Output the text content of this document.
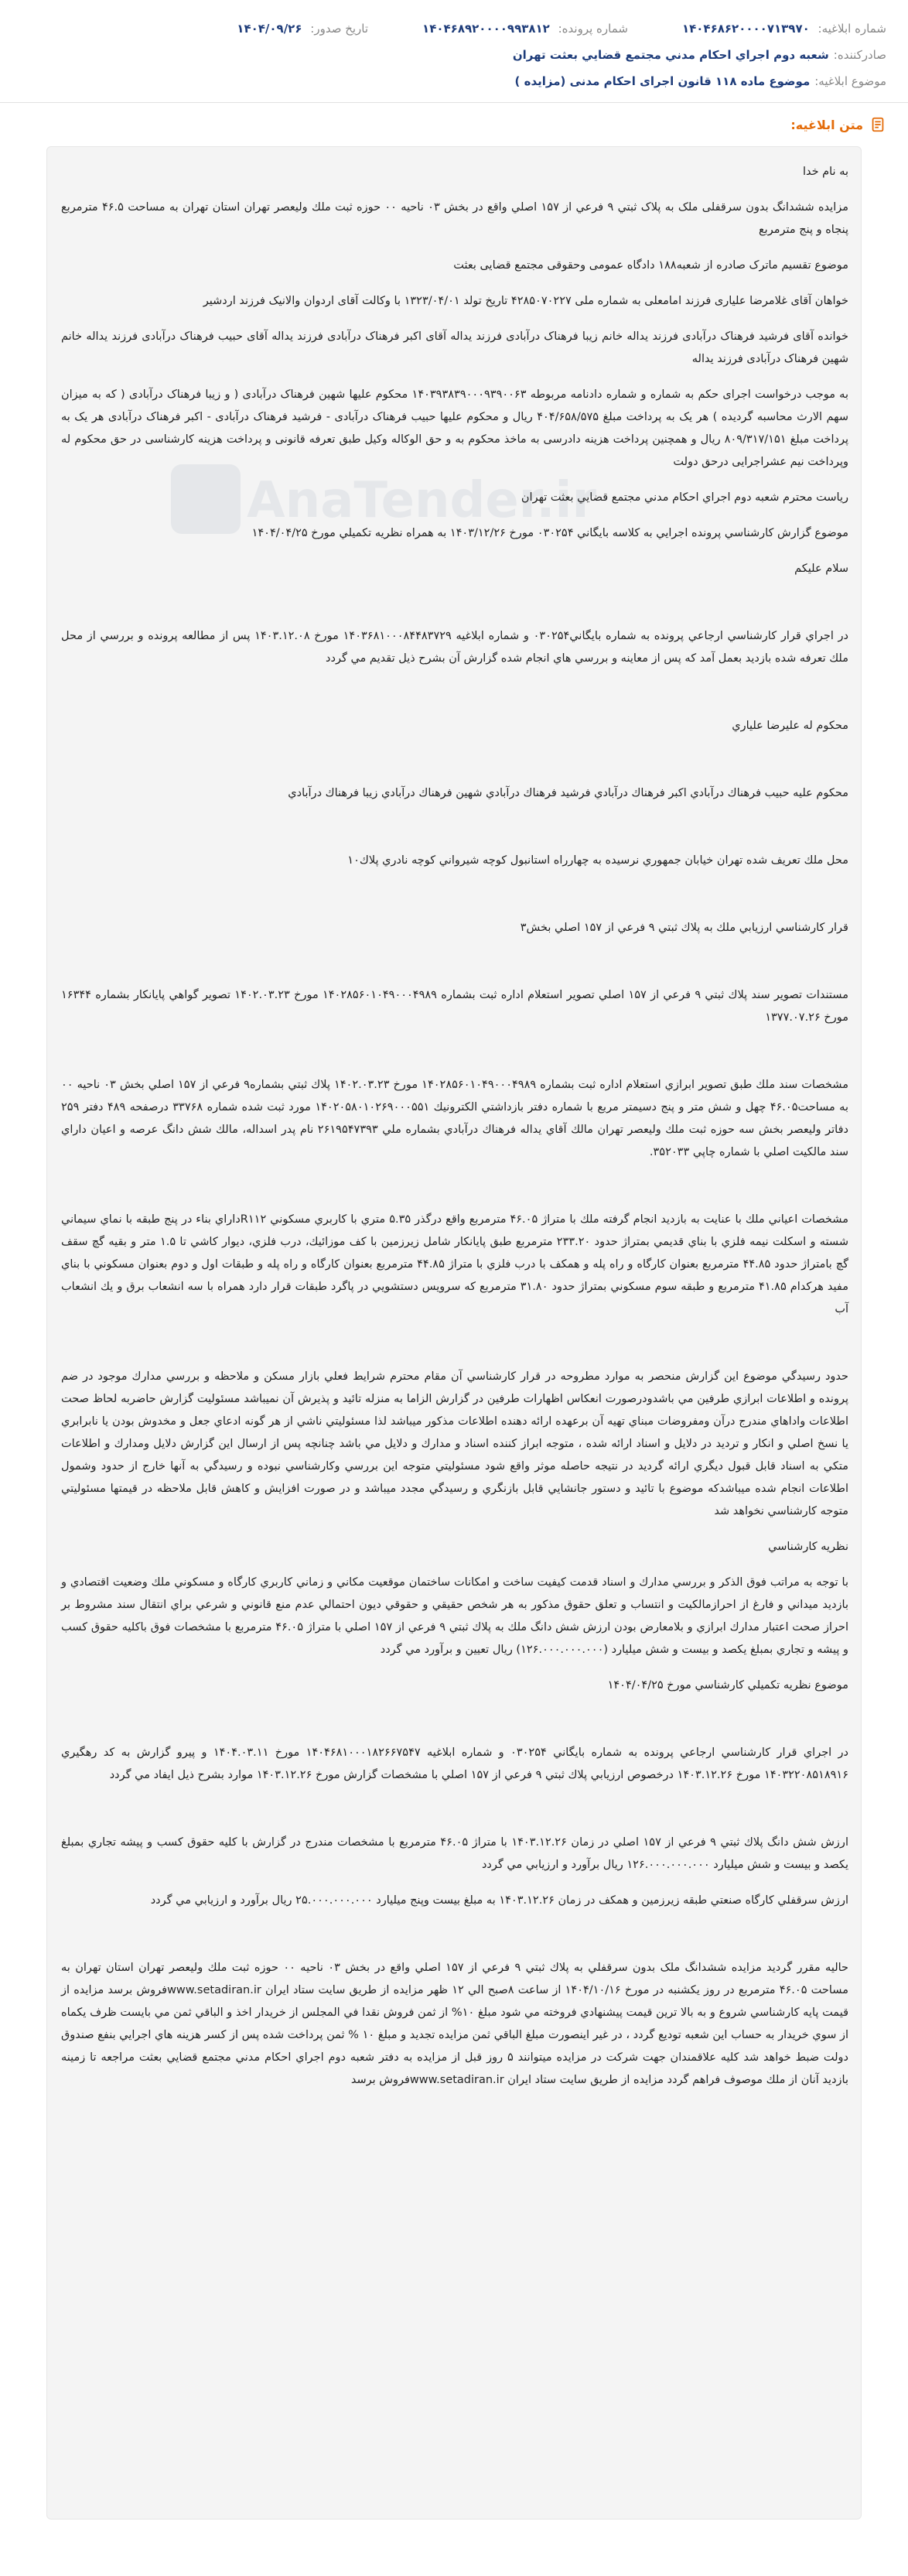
شماره ابلاغیه: ۱۴۰۴۶۸۶۲۰۰۰۰۷۱۳۹۷۰
شماره پرونده: ۱۴۰۴۶۸۹۲۰۰۰۰۹۹۳۸۱۲
تاریخ صدور: ۱۴۰۴/۰۹/۲۶
صادرکننده:
شعبه دوم اجراي احكام مدني مجتمع قضايي بعثت تهران
موضوع ابلاغیه:
موضوع ماده ۱۱۸ قانون اجرای احکام مدنی (مزایده )
متن ابلاغیه:
AnaTender.ir

به نام خدا

مزايده ششدانگ بدون سرقفلی ملک به پلاک ثبتي ۹ فرعي از ۱۵۷ اصلي واقع در بخش ۰۳ ناحيه ۰۰ حوزه ثبت ملك وليعصر تهران استان تهران به مساحت ۴۶.۵ مترمربع پنجاه و پنج مترمربع

موضوع تقسیم ماترک صادره از شعبه۱۸۸ دادگاه عمومی وحقوقی مجتمع قضایی بعثت

خواهان آقای غلامرضا علیاری فرزند امامعلی به شماره ملی ۴۲۸۵۰۷۰۲۲۷ تاریخ تولد ۱۳۲۳/۰۴/۰۱ با وکالت آقای اردوان والانیک فرزند اردشیر

خوانده آقای فرشید فرهناک درآبادی فرزند یداله خانم زیبا فرهناک درآبادی فرزند یداله آقای اکبر فرهناک درآبادی فرزند یداله آقای حبیب فرهناک درآبادی فرزند یداله خانم شهین فرهناک درآبادی فرزند یداله

به موجب درخواست اجرای حکم به شماره و شماره دادنامه مربوطه ۱۴۰۳۹۳۸۳۹۰۰۰۹۳۹۰۰۶۳ محکوم علیها شهین فرهناک درآبادی ( و زیبا فرهناک درآبادی ( که به میزان سهم الارث محاسبه گردیده ) هر یک به پرداخت مبلغ ۴۰۴/۶۵۸/۵۷۵ ریال و محکوم علیها حبیب فرهناک درآبادی - فرشید فرهناک درآبادی - اکبر فرهناک درآبادی هر یک به پرداخت مبلغ ۸۰۹/۳۱۷/۱۵۱ ریال و همچنین پرداخت هزینه دادرسی به ماخذ محکوم به و حق الوکاله وکیل طبق تعرفه قانونی و پرداخت هزینه کارشناسی در حق محکوم له وپرداخت نیم عشراجرایی درحق دولت

رياست محترم شعبه دوم اجراي احكام مدني مجتمع قضايي بعثت تهران

موضوع گزارش كارشناسي پرونده اجرايي به كلاسه بايگاني ۰۳۰۲۵۴ مورخ ۱۴۰۳/۱۲/۲۶ به همراه نظريه تكميلي مورخ ۱۴۰۴/۰۴/۲۵

سلام عليكم

در اجراي قرار كارشناسي ارجاعي پرونده به شماره بايگاني۰۳۰۲۵۴ و شماره ابلاغيه ۱۴۰۳۶۸۱۰۰۰۸۴۴۸۳۷۲۹ مورخ ۱۴۰۳.۱۲.۰۸ پس از مطالعه پرونده و بررسي از محل ملك تعرفه شده بازديد بعمل آمد كه پس از معاينه و بررسي هاي انجام شده گزارش آن بشرح ذيل تقديم مي گردد

محكوم له عليرضا علياري

محكوم عليه حبيب فرهناك درآبادي اكبر فرهناك درآبادي فرشيد فرهناك درآبادي شهين فرهناك درآبادي زيبا فرهناك درآبادي

محل ملك تعريف شده تهران خيابان جمهوري نرسيده به چهارراه استانبول كوچه شيرواني كوچه نادري پلاك۱۰

قرار كارشناسي ارزيابي ملك به پلاك ثبتي ۹ فرعي از ۱۵۷ اصلي بخش۳

مستندات تصوير سند پلاك ثبتي ۹ فرعي از ۱۵۷ اصلي تصوير استعلام اداره ثبت بشماره ۱۴۰۲۸۵۶۰۱۰۴۹۰۰۰۴۹۸۹ مورخ ۱۴۰۲.۰۳.۲۳ تصوير گواهي پايانكار بشماره ۱۶۳۴۴ مورخ ۱۳۷۷.۰۷.۲۶

مشخصات سند ملك طبق تصوير ابرازي استعلام اداره ثبت بشماره ۱۴۰۲۸۵۶۰۱۰۴۹۰۰۰۴۹۸۹ مورخ ۱۴۰۲.۰۳.۲۳ پلاك ثبتي بشماره۹ فرعي از ۱۵۷ اصلي بخش ۰۳ ناحيه ۰۰ به مساحت۴۶.۰۵ چهل و شش متر و پنج دسيمتر مربع با شماره دفتر بازداشتي الكترونيك ۱۴۰۲۰۵۸۰۱۰۲۶۹۰۰۰۵۵۱ مورد ثبت شده شماره ۳۳۷۶۸ درصفحه ۴۸۹ دفتر ۲۵۹ دفاتر وليعصر بخش سه حوزه ثبت ملك وليعصر تهران مالك آقاي يداله فرهناك درآبادي بشماره ملي ۲۶۱۹۵۴۷۳۹۳ نام پدر اسداله، مالك شش دانگ عرصه و اعيان داراي سند مالكيت اصلي با شماره چاپي ۳۵۲۰۳۳.

مشخصات اعياني ملك با عنايت به بازديد انجام گرفته ملك با متراژ ۴۶.۰۵ مترمربع واقع درگذر ۵.۳۵ متري با كاربري مسكوني R۱۱۲داراي بناء در پنج طبقه با نماي سيماني شسته و اسكلت نيمه فلزي با بناي قديمي بمتراژ حدود ۲۳۳.۲۰ مترمربع طبق پايانكار شامل زيرزمين با كف موزائيك، درب فلزي، ديوار كاشي تا ۱.۵ متر و بقيه گچ سقف گچ بامتراژ حدود ۴۴.۸۵ مترمربع بعنوان كارگاه و راه پله و همكف با درب فلزي با متراژ ۴۴.۸۵ مترمربع بعنوان كارگاه و راه پله و طبقات اول و دوم بعنوان مسكوني با بناي مفيد هركدام ۴۱.۸۵ مترمربع و طبقه سوم مسكوني بمتراژ حدود ۳۱.۸۰ مترمربع كه سرويس دستشويي در پاگرد طبقات قرار دارد همراه با سه انشعاب برق و يك انشعاب آب

حدود رسيدگي موضوع اين گزارش منحصر به موارد مطروحه در قرار كارشناسي آن مقام محترم شرايط فعلي بازار مسكن و ملاحظه و بررسي مدارك موجود در ضم پرونده و اطلاعات ابرازي طرفين مي باشدودرصورت انعكاس اظهارات طرفين در گزارش الزاما به منزله تائيد و پذيرش آن نميباشد مسئوليت گزارش حاضربه لحاظ صحت اطلاعات واداهاي مندرج درآن ومفروضات مبناي تهيه آن برعهده ارائه دهنده اطلاعات مذكور ميباشد لذا مسئوليتي ناشي از هر گونه ادعاي جعل و مخدوش بودن يا نابرابري يا نسخ اصلي و انكار و ترديد در دلايل و اسناد ارائه شده ، متوجه ابراز كننده اسناد و مدارك و دلايل مي باشد چنانچه پس از ارسال اين گزارش دلايل ومدارك و اطلاعات متكي به اسناد قابل قبول ديگري ارائه گرديد در نتيجه حاصله موثر واقع شود مسئوليتي متوجه اين بررسي وكارشناسي نبوده و رسيدگي به آنها خارج از حدود وشمول اطلاعات انجام شده ميباشدكه موضوع با تائيد و دستور جانشايي قابل بازنگري و رسيدگي مجدد ميباشد و در صورت افزايش و كاهش قابل ملاحظه در قيمتها مسئوليتي متوجه كارشناسي نخواهد شد

نظريه كارشناسي

با توجه به مراتب فوق الذكر و بررسي مدارك و اسناد قدمت كيفيت ساخت و امكانات ساختمان موقعيت مكاني و زماني كاربري كارگاه و مسكوني ملك وضعيت اقتصادي و بازديد ميداني و فارغ از احرازمالكيت و انتساب و تعلق حقوق مذكور به هر شخص حقيقي و حقوقي دیون احتمالي عدم منع قانوني و شرعي براي انتقال سند مشروط بر احراز صحت اعتبار مدارك ابرازي و بلامعارض بودن ارزش شش دانگ ملك به پلاك ثبتي ۹ فرعي از ۱۵۷ اصلي با متراژ ۴۶.۰۵ مترمربع با مشخصات فوق باكليه حقوق كسب و پيشه و تجاري بمبلغ يكصد و بيست و شش ميليارد (۱۲۶.۰۰۰.۰۰۰.۰۰۰) ريال تعيين و برآورد مي گردد

موضوع نظريه تكميلي كارشناسي مورخ ۱۴۰۴/۰۴/۲۵

در اجراي قرار كارشناسي ارجاعي پرونده به شماره بايگاني ۰۳۰۲۵۴ و شماره ابلاغيه ۱۴۰۴۶۸۱۰۰۰۱۸۲۶۶۷۵۴۷ مورخ ۱۴۰۴.۰۳.۱۱ و پيرو گزارش به كد رهگيري ۱۴۰۳۲۲۰۸۵۱۸۹۱۶ مورخ ۱۴۰۳.۱۲.۲۶ درخصوص ارزيابي پلاك ثبتي ۹ فرعي از ۱۵۷ اصلي با مشخصات گزارش مورخ ۱۴۰۳.۱۲.۲۶ موارد بشرح ذيل ايفاد مي گردد

ارزش شش دانگ پلاك ثبتي ۹ فرعي از ۱۵۷ اصلي در زمان ۱۴۰۳.۱۲.۲۶ با متراژ ۴۶.۰۵ مترمربع با مشخصات مندرج در گزارش با كليه حقوق كسب و پيشه تجاري بمبلغ يكصد و بيست و شش ميليارد ۱۲۶.۰۰۰.۰۰۰.۰۰۰ ريال برآورد و ارزيابي مي گردد

ارزش سرقفلي كارگاه صنعتي طبقه زيرزمين و همكف در زمان ۱۴۰۳.۱۲.۲۶ به مبلغ بيست وپنج ميليارد ۲۵.۰۰۰.۰۰۰.۰۰۰ ريال برآورد و ارزيابي مي گردد

حاليه مقرر گرديد مزايده ششدانگ ملک بدون سرقفلي به پلاك ثبتي ۹ فرعي از ۱۵۷ اصلي واقع در بخش ۰۳ ناحيه ۰۰ حوزه ثبت ملك وليعصر تهران استان تهران به مساحت ۴۶.۰۵ مترمربع در روز يكشنبه در مورخ ۱۴۰۴/۱۰/۱۶ از ساعت ۸صبح الي ۱۲ ظهر مزايده از طريق سايت ستاد ايران www.setadiran.irفروش برسد مزايده از قيمت پايه كارشناسي شروع و به بالا ترين قيمت پيشنهادي فروخته مي شود مبلغ ۱۰% از ثمن فروش نقدا في المجلس از خريدار اخذ و الباقي ثمن مي بايست ظرف يكماه از سوي خريدار به حساب اين شعبه توديع گردد ، در غير اينصورت مبلغ الباقي ثمن مزايده تجديد و مبلغ ۱۰ % ثمن پرداخت شده پس از كسر هزينه هاي اجرايي بنفع صندوق دولت ضبط خواهد شد كليه علاقمندان جهت شركت در مزايده ميتوانند ۵ روز قبل از مزايده به دفتر شعبه دوم اجراي احكام مدني مجتمع قضايي بعثت مراجعه تا زمينه بازديد آنان از ملك موصوف فراهم گردد مزايده از طريق سايت ستاد ايران www.setadiran.irفروش برسد
